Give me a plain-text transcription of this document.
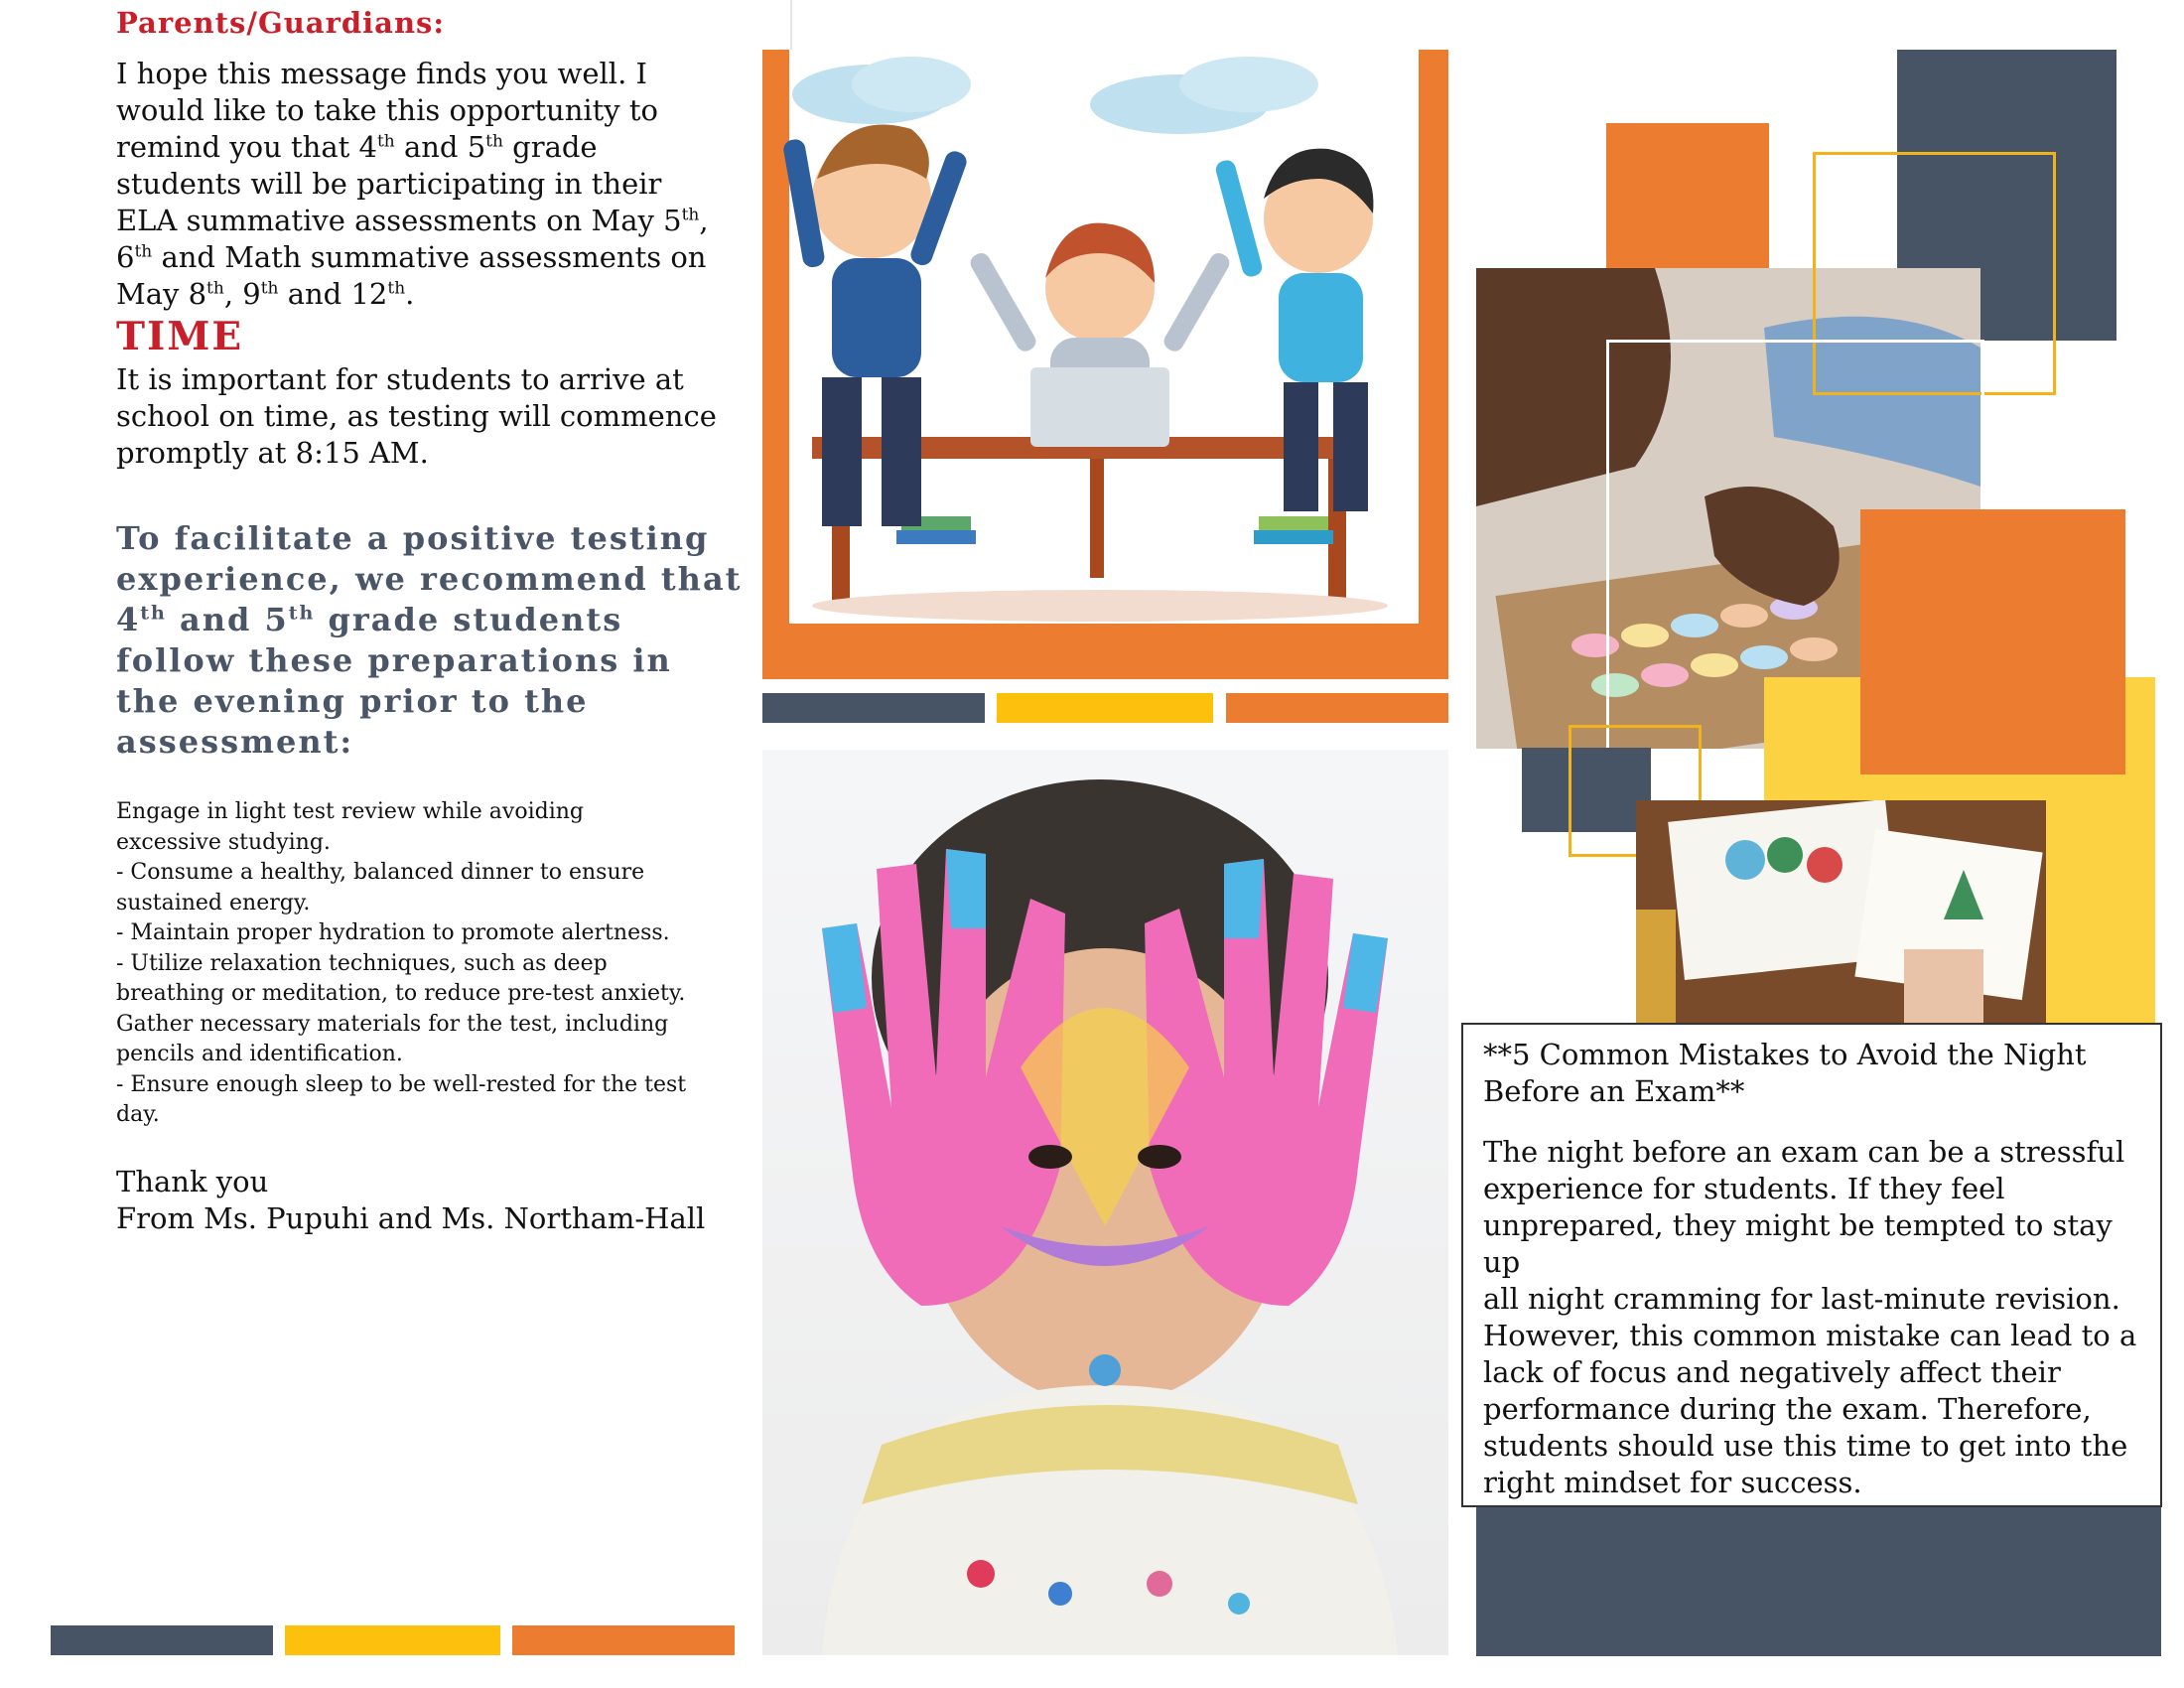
Parents/Guardians:
I hope this message finds you well. I
would like to take this opportunity to
remind you that 4th and 5th grade
students will be participating in their
ELA summative assessments on May 5th,
6th and Math summative assessments on
May 8th, 9th and 12th.
TIME
It is important for students to arrive at
school on time, as testing will commence
promptly at 8:15 AM.
To facilitate a positive testing
experience, we recommend that
4th and 5th grade students
follow these preparations in
the evening prior to the
assessment:
Engage in light test review while avoiding
excessive studying.
- Consume a healthy, balanced dinner to ensure
sustained energy.
- Maintain proper hydration to promote alertness.
- Utilize relaxation techniques, such as deep
breathing or meditation, to reduce pre-test anxiety.
Gather necessary materials for the test, including
pencils and identification.
- Ensure enough sleep to be well-rested for the test
day.
Thank you
From Ms. Pupuhi and Ms. Northam-Hall
**5 Common Mistakes to Avoid the Night
Before an Exam**
The night before an exam can be a stressful
experience for students. If they feel
unprepared, they might be tempted to stay up
all night cramming for last-minute revision.
However, this common mistake can lead to a
lack of focus and negatively affect their
performance during the exam. Therefore,
students should use this time to get into the
right mindset for success.
